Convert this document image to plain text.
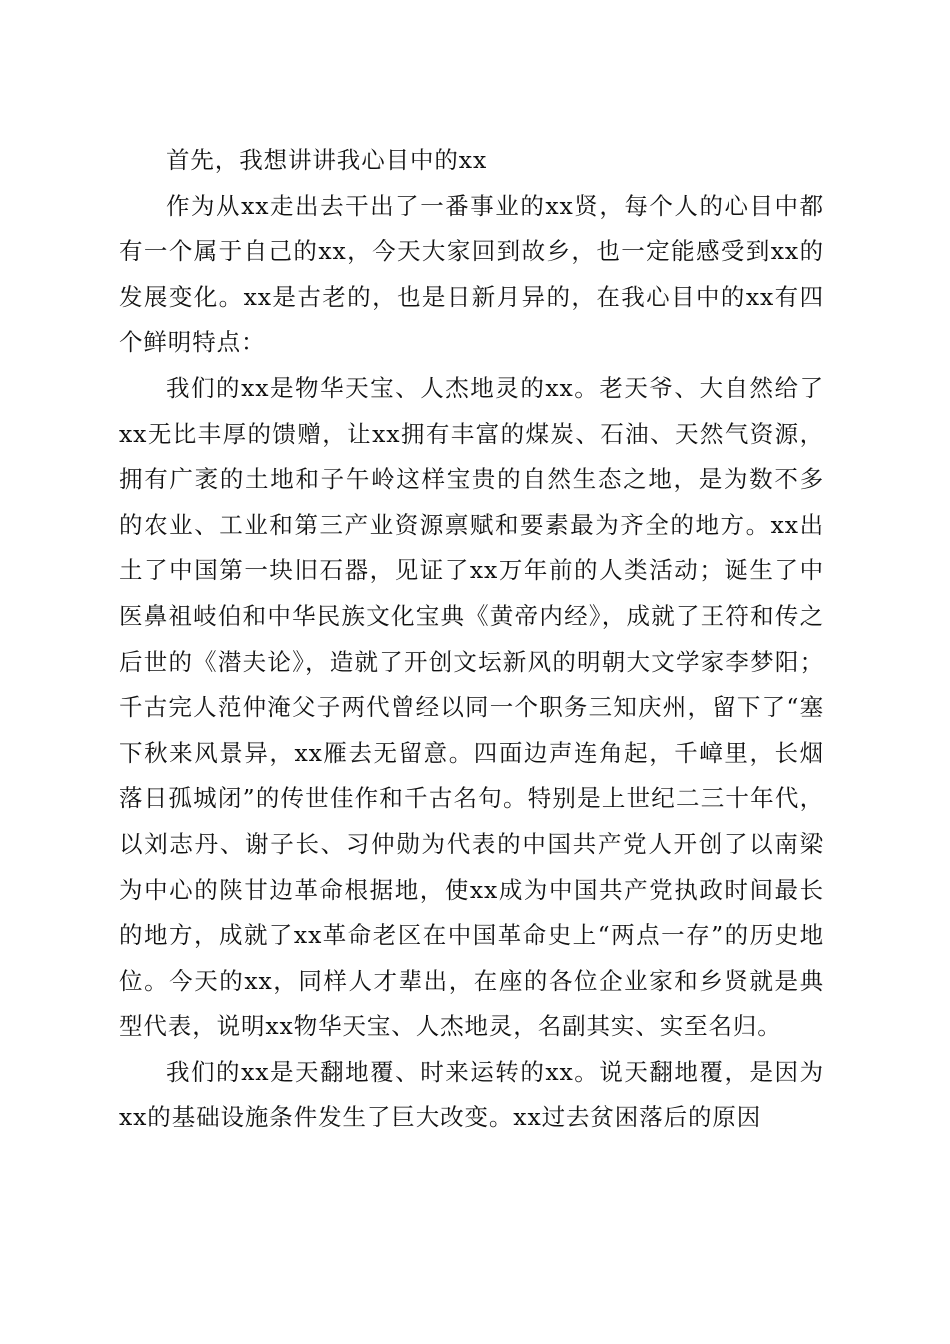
首先，我想讲讲我心目中的xx

作为从xx走出去干出了一番事业的xx贤，每个人的心目中都有一个属于自己的xx，今天大家回到故乡，也一定能感受到xx的发展变化。xx是古老的，也是日新月异的，在我心目中的xx有四个鲜明特点：

我们的xx是物华天宝、人杰地灵的xx。老天爷、大自然给了xx无比丰厚的馈赠，让xx拥有丰富的煤炭、石油、天然气资源，拥有广袤的土地和子午岭这样宝贵的自然生态之地，是为数不多的农业、工业和第三产业资源禀赋和要素最为齐全的地方。xx出土了中国第一块旧石器，见证了xx万年前的人类活动；诞生了中医鼻祖岐伯和中华民族文化宝典《黄帝内经》，成就了王符和传之后世的《潜夫论》，造就了开创文坛新风的明朝大文学家李梦阳；千古完人范仲淹父子两代曾经以同一个职务三知庆州，留下了“塞下秋来风景异，xx雁去无留意。四面边声连角起，千嶂里，长烟落日孤城闭”的传世佳作和千古名句。特别是上世纪二三十年代，以刘志丹、谢子长、习仲勋为代表的中国共产党人开创了以南梁为中心的陕甘边革命根据地，使xx成为中国共产党执政时间最长的地方，成就了xx革命老区在中国革命史上“两点一存”的历史地位。今天的xx，同样人才辈出，在座的各位企业家和乡贤就是典型代表，说明xx物华天宝、人杰地灵，名副其实、实至名归。

我们的xx是天翻地覆、时来运转的xx。说天翻地覆，是因为xx的基础设施条件发生了巨大改变。xx过去贫困落后的原因
